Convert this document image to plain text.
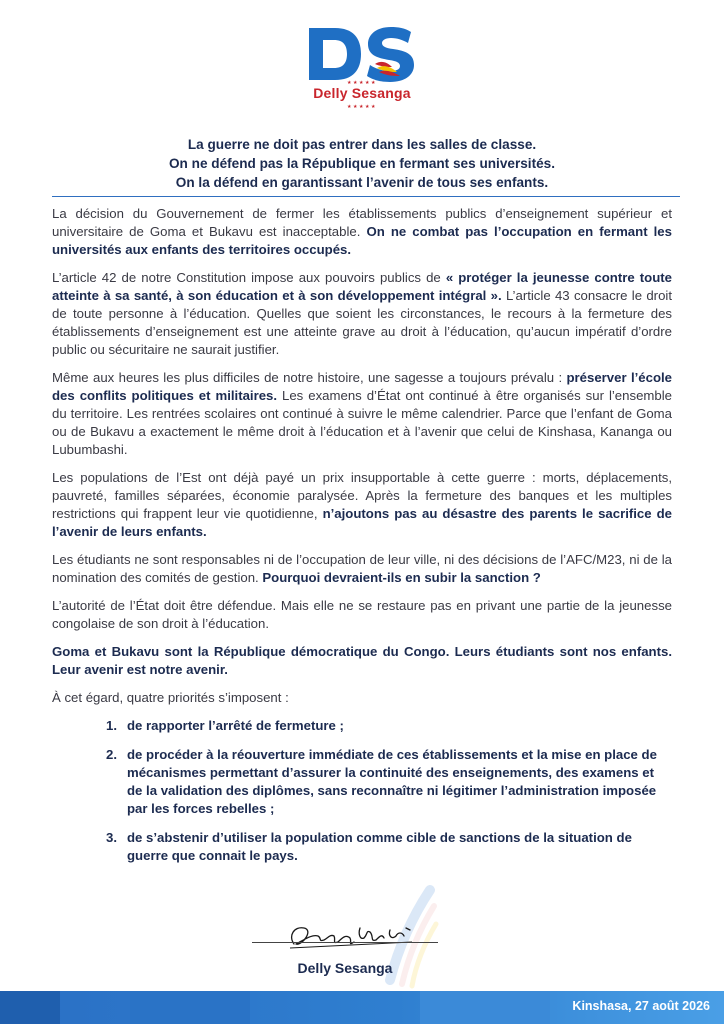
★★★★★
Delly Sesanga
★★★★★
La guerre ne doit pas entrer dans les salles de classe.
On ne défend pas la République en fermant ses universités.
On la défend en garantissant l’avenir de tous ses enfants.

La décision du Gouvernement de fermer les établissements publics d’enseignement supérieur et universitaire de Goma et Bukavu est inacceptable. On ne combat pas l’occupation en fermant les universités aux enfants des territoires occupés.

L’article 42 de notre Constitution impose aux pouvoirs publics de « protéger la jeunesse contre toute atteinte à sa santé, à son éducation et à son développement intégral ». L’article 43 consacre le droit de toute personne à l’éducation. Quelles que soient les circonstances, le recours à la fermeture des établissements d’enseignement est une atteinte grave au droit à l’éducation, qu’aucun impératif d’ordre public ou sécuritaire ne saurait justifier.

Même aux heures les plus difficiles de notre histoire, une sagesse a toujours prévalu : préserver l’école des conflits politiques et militaires. Les examens d’État ont continué à être organisés sur l’ensemble du territoire. Les rentrées scolaires ont continué à suivre le même calendrier. Parce que l’enfant de Goma ou de Bukavu a exactement le même droit à l’éducation et à l’avenir que celui de Kinshasa, Kananga ou Lubumbashi.

Les populations de l’Est ont déjà payé un prix insupportable à cette guerre : morts, déplacements, pauvreté, familles séparées, économie paralysée. Après la fermeture des banques et les multiples restrictions qui frappent leur vie quotidienne, n’ajoutons pas au désastre des parents le sacrifice de l’avenir de leurs enfants.

Les étudiants ne sont responsables ni de l’occupation de leur ville, ni des décisions de l’AFC/M23, ni de la nomination des comités de gestion. Pourquoi devraient-ils en subir la sanction ?

L’autorité de l’État doit être défendue. Mais elle ne se restaure pas en privant une partie de la jeunesse congolaise de son droit à l’éducation.

Goma et Bukavu sont la République démocratique du Congo. Leurs étudiants sont nos enfants. Leur avenir est notre avenir.

À cet égard, quatre priorités s’imposent :

1. de rapporter l’arrêté de fermeture ;
2. de procéder à la réouverture immédiate de ces établissements et la mise en place de mécanismes permettant d’assurer la continuité des enseignements, des examens et de la validation des diplômes, sans reconnaître ni légitimer l’administration imposée par les forces rebelles ;
3. de s’abstenir d’utiliser la population comme cible de sanctions de la situation de guerre que connait le pays.
Delly Sesanga
Kinshasa, 27 août 2026
